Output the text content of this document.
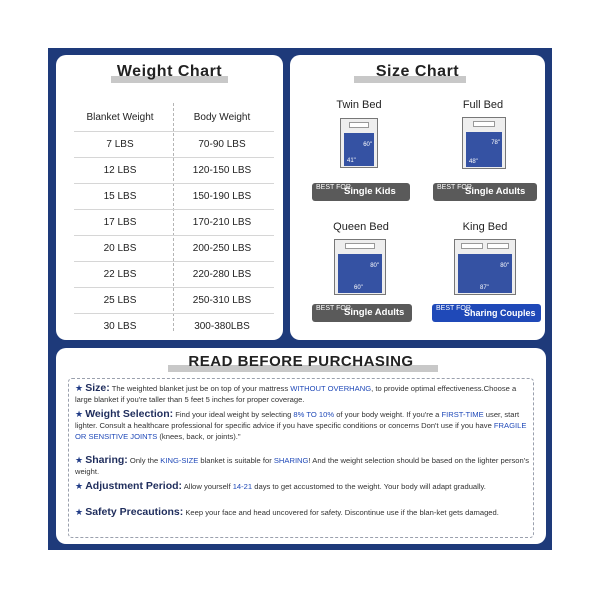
Weight Chart
Blanket Weight	Body Weight
7 LBS	70-90 LBS
12 LBS	120-150 LBS
15 LBS	150-190 LBS
17 LBS	170-210 LBS
20 LBS	200-250 LBS
22 LBS	220-280 LBS
25 LBS	250-310 LBS
30 LBS	300-380LBS
Size Chart
Twin Bed
60"
41"
BEST FOR
Single Kids
Full Bed
78"
48"
BEST FOR
Single Adults
Queen Bed
80"
60"
BEST FOR
Single Adults
King Bed
80"
87"
BEST FOR
Sharing Couples
READ BEFORE PURCHASING
★ Size: The weighted blanket just be on top of your mattress WITHOUT OVERHANG, to provide optimal effectiveness.Choose a large blanket if you're taller than 5 feet 5 inches for proper coverage.
★ Weight Selection: Find your ideal weight by selecting 8% TO 10% of your body weight. If you're a FIRST-TIME user, start lighter. Consult a healthcare professional for specific advice if you have specific conditions or concerns Don't use if you have FRAGILE OR SENSITIVE JOINTS (knees, back, or joints)."
★ Sharing: Only the KING-SIZE blanket is suitable for SHARING! And the weight selection should be based on the lighter person's weight.
★ Adjustment Period: Allow yourself 14-21 days to get accustomed to the weight. Your body will adapt gradually.
★ Safety Precautions: Keep your face and head uncovered for safety. Discontinue use if the blan-ket gets damaged.
